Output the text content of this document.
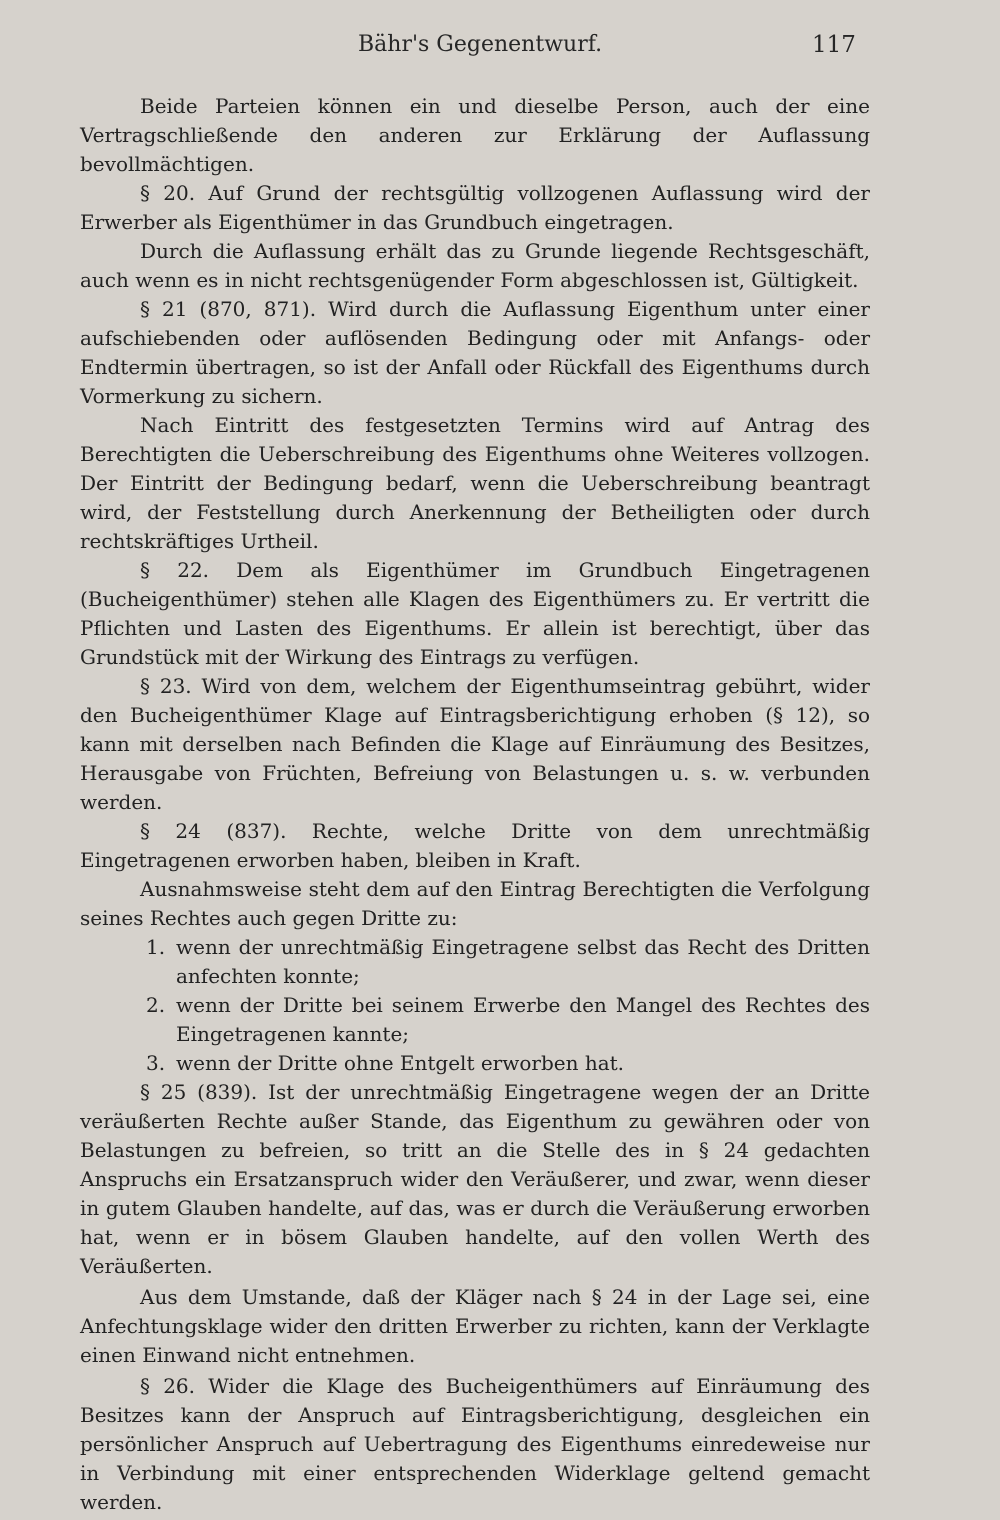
Bähr's Gegenentwurf.	117

Beide Parteien können ein und dieselbe Person, auch der eine Vertragschließende den anderen zur Erklärung der Auflassung bevollmächtigen.

§ 20. Auf Grund der rechtsgültig vollzogenen Auflassung wird der Erwerber als Eigenthümer in das Grundbuch eingetragen.

Durch die Auflassung erhält das zu Grunde liegende Rechtsgeschäft, auch wenn es in nicht rechtsgenügender Form abgeschlossen ist, Gültigkeit.

§ 21 (870, 871). Wird durch die Auflassung Eigenthum unter einer aufschiebenden oder auflösenden Bedingung oder mit Anfangs- oder Endtermin übertragen, so ist der Anfall oder Rückfall des Eigenthums durch Vormerkung zu sichern.

Nach Eintritt des festgesetzten Termins wird auf Antrag des Berechtigten die Ueberschreibung des Eigenthums ohne Weiteres vollzogen. Der Eintritt der Bedingung bedarf, wenn die Ueberschreibung beantragt wird, der Feststellung durch Anerkennung der Betheiligten oder durch rechtskräftiges Urtheil.

§ 22. Dem als Eigenthümer im Grundbuch Eingetragenen (Bucheigenthümer) stehen alle Klagen des Eigenthümers zu. Er vertritt die Pflichten und Lasten des Eigenthums. Er allein ist berechtigt, über das Grundstück mit der Wirkung des Eintrags zu verfügen.

§ 23. Wird von dem, welchem der Eigenthumseintrag gebührt, wider den Bucheigenthümer Klage auf Eintragsberichtigung erhoben (§ 12), so kann mit derselben nach Befinden die Klage auf Einräumung des Besitzes, Herausgabe von Früchten, Befreiung von Belastungen u. s. w. verbunden werden.

§ 24 (837). Rechte, welche Dritte von dem unrechtmäßig Eingetragenen erworben haben, bleiben in Kraft.

Ausnahmsweise steht dem auf den Eintrag Berechtigten die Verfolgung seines Rechtes auch gegen Dritte zu:

1. wenn der unrechtmäßig Eingetragene selbst das Recht des Dritten anfechten konnte;
2. wenn der Dritte bei seinem Erwerbe den Mangel des Rechtes des Eingetragenen kannte;
3. wenn der Dritte ohne Entgelt erworben hat.

§ 25 (839). Ist der unrechtmäßig Eingetragene wegen der an Dritte veräußerten Rechte außer Stande, das Eigenthum zu gewähren oder von Belastungen zu befreien, so tritt an die Stelle des in § 24 gedachten Anspruchs ein Ersatzanspruch wider den Veräußerer, und zwar, wenn dieser in gutem Glauben handelte, auf das, was er durch die Veräußerung erworben hat, wenn er in bösem Glauben handelte, auf den vollen Werth des Veräußerten.

Aus dem Umstande, daß der Kläger nach § 24 in der Lage sei, eine Anfechtungsklage wider den dritten Erwerber zu richten, kann der Verklagte einen Einwand nicht entnehmen.

§ 26. Wider die Klage des Bucheigenthümers auf Einräumung des Besitzes kann der Anspruch auf Eintragsberichtigung, desgleichen ein persönlicher Anspruch auf Uebertragung des Eigenthums einredeweise nur in Verbindung mit einer entsprechenden Widerklage geltend gemacht werden.
